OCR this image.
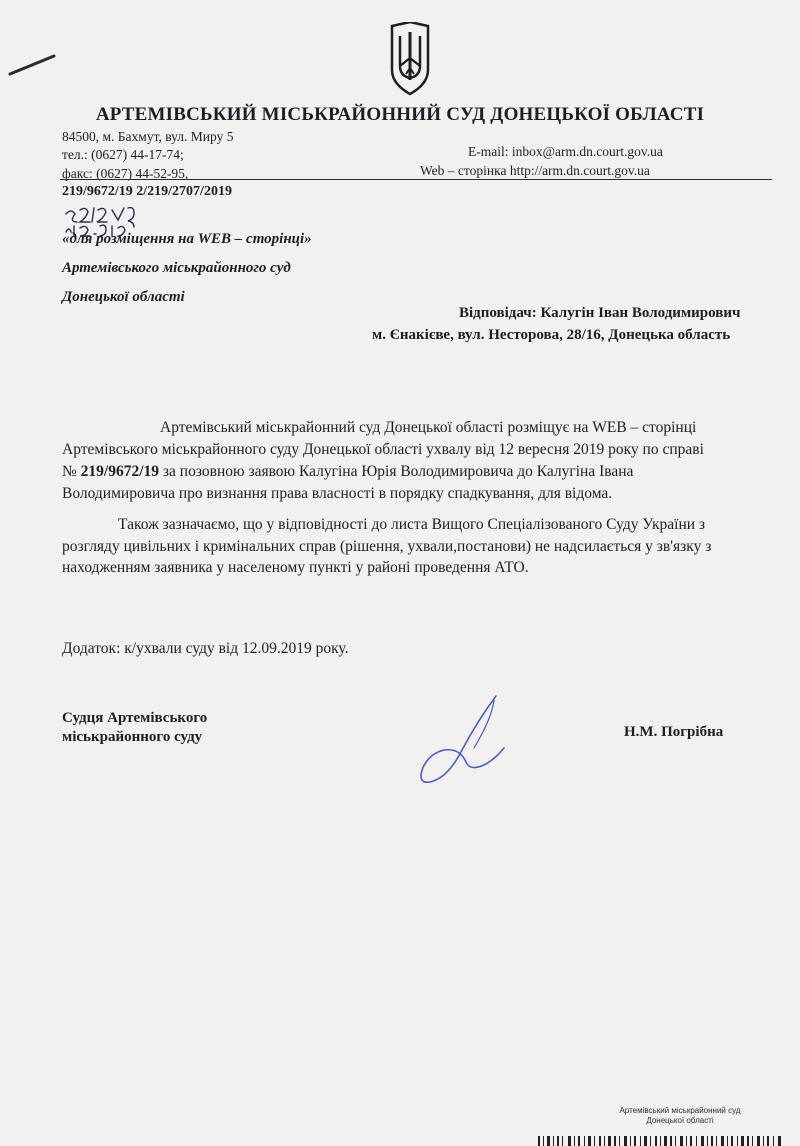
АРТЕМІВСЬКИЙ МІСЬКРАЙОННИЙ СУД ДОНЕЦЬКОЇ ОБЛАСТІ
84500, м. Бахмут, вул. Миру 5
тел.: (0627) 44-17-74;	E-mail: inbox@arm.dn.court.gov.ua
факс: (0627) 44-52-95,	Web – сторінка http://arm.dn.court.gov.ua
219/9672/19 2/219/2707/2019
«для розміщення на WEB – сторінці»
Артемівського міськрайонного суд
Донецької області
Відповідач: Калугін Іван Володимирович
м. Єнакієве, вул. Несторова, 28/16, Донецька область
Артемівський міськрайонний суд Донецької області розміщує на WEB – сторінці
Артемівського міськрайонного суду Донецької області ухвалу від 12 вересня 2019 року по справі
№ 219/9672/19 за позовною заявою Калугіна Юрія Володимировича до Калугіна Івана
Володимировича про визнання права власності в порядку спадкування, для відома.
Також зазначаємо, що у відповідності до листа Вищого Спеціалізованого Суду України з
розгляду цивільних і кримінальних справ (рішення, ухвали,постанови) не надсилається у зв'язку з
находженням заявника у населеному пункті у районі проведення АТО.
Додаток: к/ухвали суду від 12.09.2019 року.
Судця Артемівського
міськрайонного суду	Н.М. Погрібна
Артемівський міськрайонний суд
Донецької області
